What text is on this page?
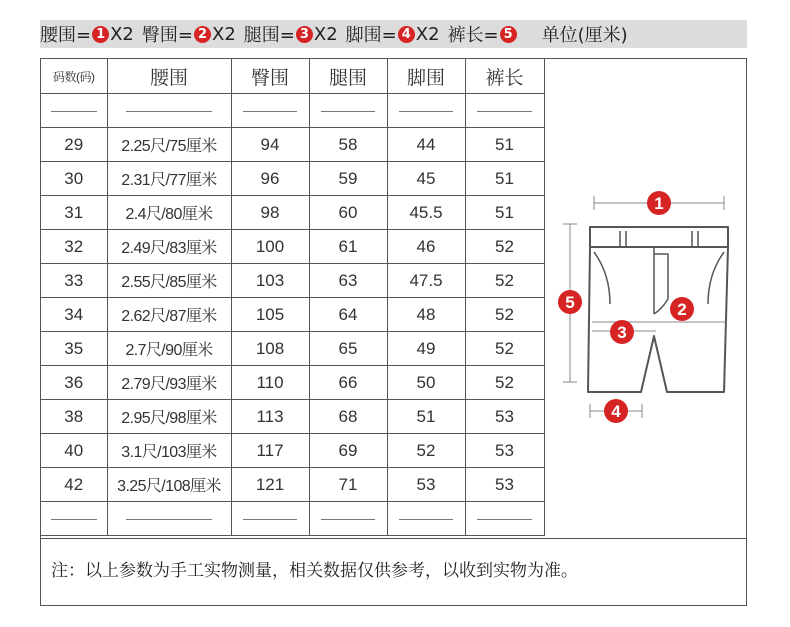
腰围= 1 X2 臀围= 2 X2 腿围= 3 X2 脚围= 4 X2 裤长= 5 单位(厘米)
码数(码)	腰围	臀围	腿围	脚围	裤长

29	2.25尺/75厘米	94	58	44	51
30	2.31尺/77厘米	96	59	45	51
31	2.4尺/80厘米	98	60	45.5	51
32	2.49尺/83厘米	100	61	46	52
33	2.55尺/85厘米	103	63	47.5	52
34	2.62尺/87厘米	105	64	48	52
35	2.7尺/90厘米	108	65	49	52
36	2.79尺/93厘米	110	66	50	52
38	2.95尺/98厘米	113	68	51	53
40	3.1尺/103厘米	117	69	52	53
42	3.25尺/108厘米	121	71	53	53

1
2
3
4
5
注：以上参数为手工实物测量，相关数据仅供参考，以收到实物为准。
